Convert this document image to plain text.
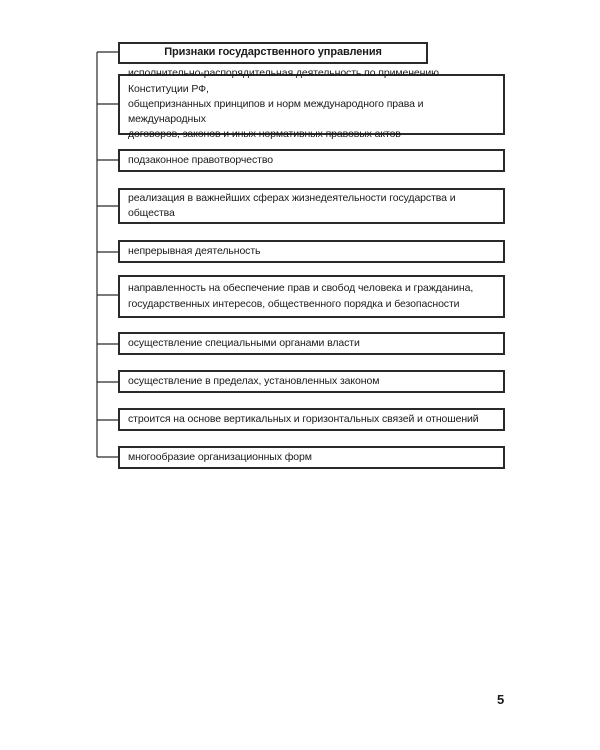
Признаки государственного управления
исполнительно-распорядительная деятельность по применению Конституции РФ,
общепризнанных принципов и норм международного права и международных
договоров, законов и иных нормативных правовых актов
подзаконное правотворчество
реализация в важнейших сферах жизнедеятельности государства и общества
непрерывная деятельность
направленность на обеспечение прав и свобод человека и гражданина,
государственных интересов, общественного порядка и безопасности
осуществление специальными органами власти
осуществление в пределах, установленных законом
строится на основе вертикальных и горизонтальных связей и отношений
многообразие организационных форм
5
